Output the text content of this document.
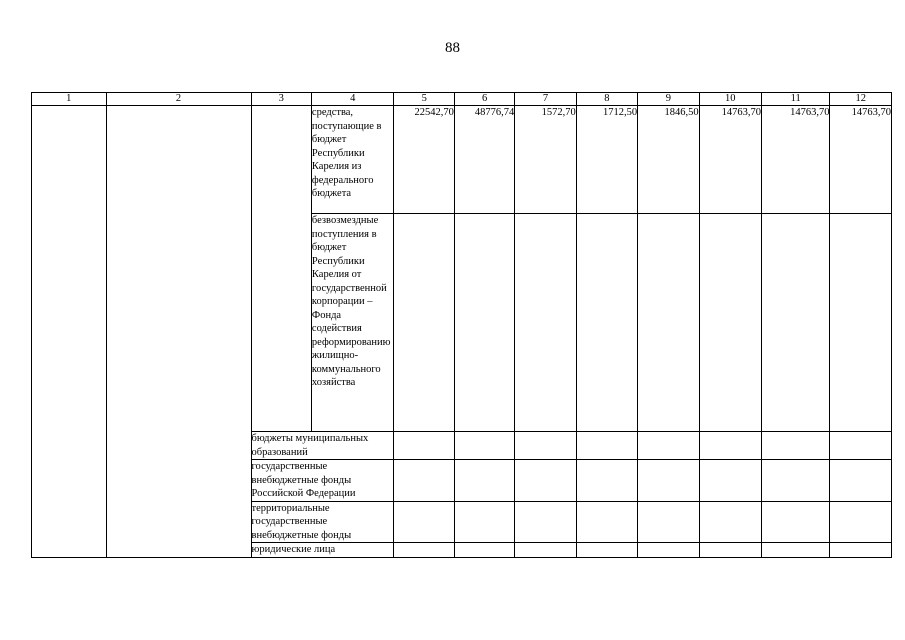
88
1	2	3	4	5	6	7	8	9	10	11	12
			средства, поступающие в бюджет Республики Карелия из федерального бюджета	22542,70	48776,74	1572,70	1712,50	1846,50	14763,70	14763,70	14763,70
			безвозмездные поступления в бюджет Республики Карелия от государственной корпорации – Фонда содействия реформированию жилищно-коммунального хозяйства								
		бюджеты муниципальных образований									
		государственные внебюджетные фонды Российской Федерации									
		территориальные государственные внебюджетные фонды									
		юридические лица									
